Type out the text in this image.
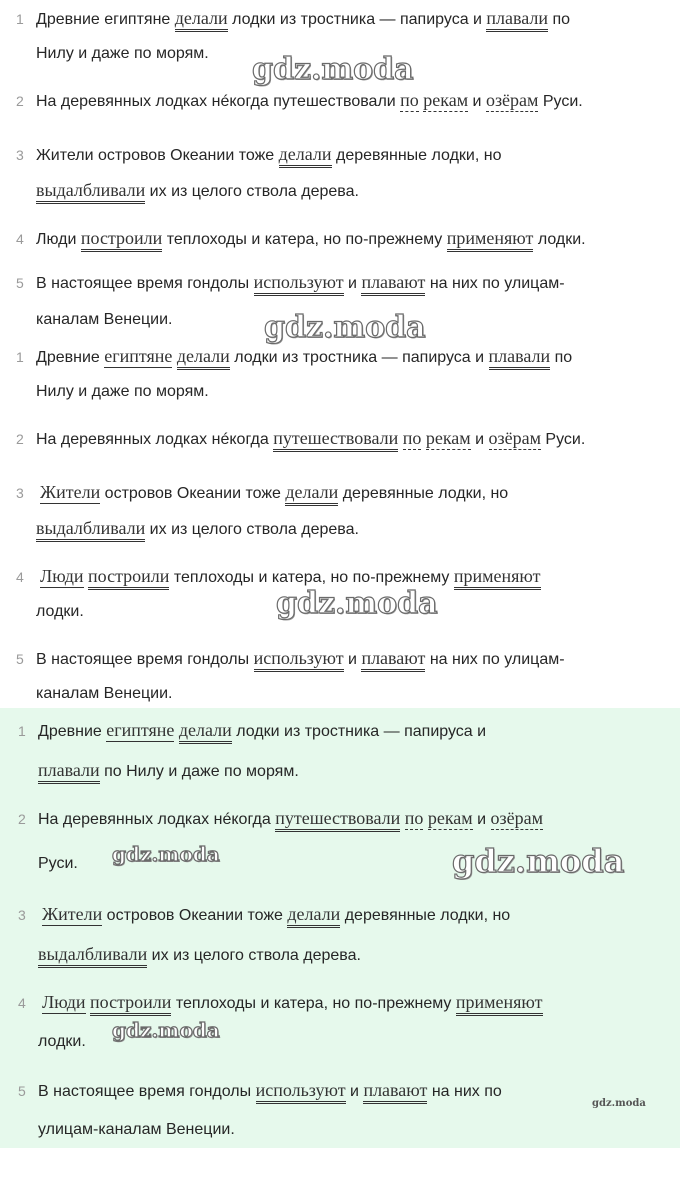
1 Древние египтяне делали лодки из тростника — папируса и плавали по
Нилу и даже по морям.
2 На деревянных лодках нéкогда путешествовали по рекам и озёрам Руси.
3 Жители островов Океании тоже делали деревянные лодки, но
выдалбливали их из целого ствола дерева.
4 Люди построили теплоходы и катера, но по-прежнему применяют лодки.
5 В настоящее время гондолы используют и плавают на них по улицам-
каналам Венеции.
gdz.moda
gdz.moda
1 Древние египтяне делали лодки из тростника — папируса и плавали по
Нилу и даже по морям.
2 На деревянных лодках нéкогда путешествовали по рекам и озёрам Руси.
3 Жители островов Океании тоже делали деревянные лодки, но
выдалбливали их из целого ствола дерева.
4 Люди построили теплоходы и катера, но по-прежнему применяют
лодки.
5 В настоящее время гондолы используют и плавают на них по улицам-
каналам Венеции.
gdz.moda
1 Древние египтяне делали лодки из тростника — папируса и
плавали по Нилу и даже по морям.
2 На деревянных лодках нéкогда путешествовали по рекам и озёрам
Руси.
3 Жители островов Океании тоже делали деревянные лодки, но
выдалбливали их из целого ствола дерева.
4 Люди построили теплоходы и катера, но по-прежнему применяют
лодки.
5 В настоящее время гондолы используют и плавают на них по
улицам-каналам Венеции.
gdz.moda	gdz.moda
gdz.moda
gdz.moda
